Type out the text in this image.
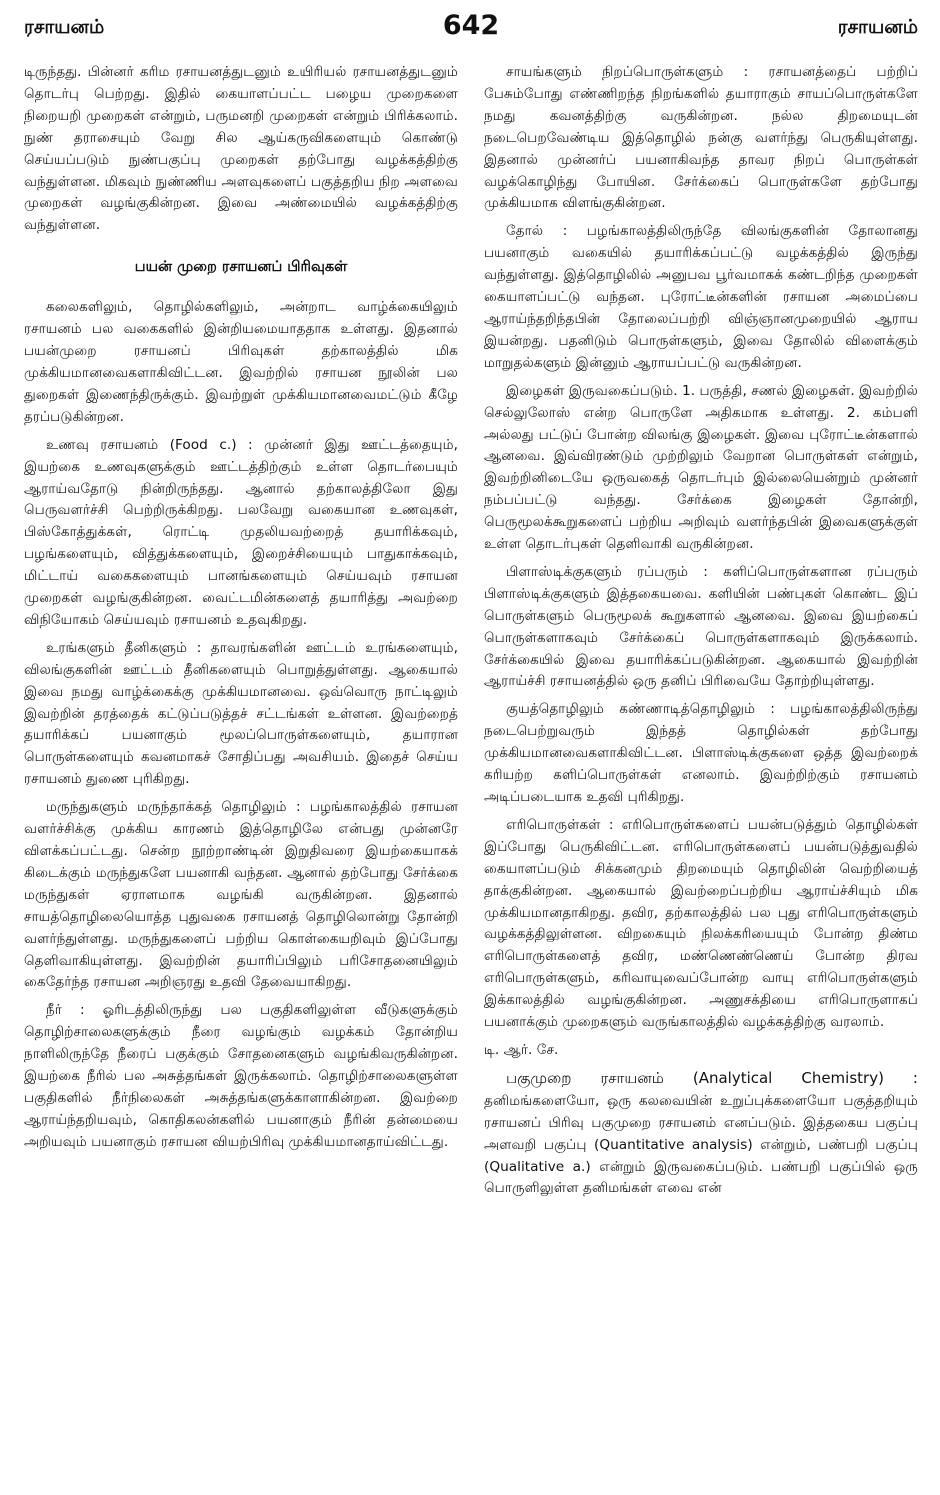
ரசாயனம்	642	ரசாயனம்

டிருந்தது. பின்னர் கரிம ரசாயனத்துடனும் உயிரியல் ரசாயனத்துடனும் தொடர்பு பெற்றது. இதில் கையாளப்பட்ட பழைய முறைகளை நிறையறி முறைகள் என்றும், பருமனறி முறைகள் என்றும் பிரிக்கலாம். நுண் தராசையும் வேறு சில ஆய்கருவிகளையும் கொண்டு செய்யப்படும் நுண்பகுப்பு முறைகள் தற்போது வழக்கத்திற்கு வந்துள்ளன. மிகவும் நுண்ணிய அளவுகளைப் பகுத்தறிய நிற அளவை முறைகள் வழங்குகின்றன. இவை அண்மையில் வழக்கத்திற்கு வந்துள்ளன.

பயன் முறை ரசாயனப் பிரிவுகள்

கலைகளிலும், தொழில்களிலும், அன்றாட வாழ்க்கையிலும் ரசாயனம் பல வகைகளில் இன்றியமையாததாக உள்ளது. இதனால் பயன்முறை ரசாயனப் பிரிவுகள் தற்காலத்தில் மிக முக்கியமானவைகளாகிவிட்டன. இவற்றில் ரசாயன நூலின் பல துறைகள் இணைந்திருக்கும். இவற்றுள் முக்கியமானவைமட்டும் கீழே தரப்படுகின்றன.

உணவு ரசாயனம் (Food c.) : முன்னர் இது ஊட்டத்தையும், இயற்கை உணவுகளுக்கும் ஊட்டத்திற்கும் உள்ள தொடர்பையும் ஆராய்வதோடு நின்றிருந்தது. ஆனால் தற்காலத்திலோ இது பெருவளர்ச்சி பெற்றிருக்கிறது. பலவேறு வகையான உணவுகள், பிஸ்கோத்துக்கள், ரொட்டி முதலியவற்றைத் தயாரிக்கவும், பழங்களையும், வித்துக்களையும், இறைச்சியையும் பாதுகாக்கவும், மிட்டாய் வகைகளையும் பானங்களையும் செய்யவும் ரசாயன முறைகள் வழங்குகின்றன. வைட்டமின்களைத் தயாரித்து அவற்றை விநியோகம் செய்யவும் ரசாயனம் உதவுகிறது.

உரங்களும் தீனிகளும் : தாவரங்களின் ஊட்டம் உரங்களையும், விலங்குகளின் ஊட்டம் தீனிகளையும் பொறுத்துள்ளது. ஆகையால் இவை நமது வாழ்க்கைக்கு முக்கியமானவை. ஒவ்வொரு நாட்டிலும் இவற்றின் தரத்தைக் கட்டுப்படுத்தச் சட்டங்கள் உள்ளன. இவற்றைத் தயாரிக்கப் பயனாகும் மூலப்பொருள்களையும், தயாரான பொருள்களையும் கவனமாகச் சோதிப்பது அவசியம். இதைச் செய்ய ரசாயனம் துணை புரிகிறது.

மருந்துகளும் மருந்தாக்கத் தொழிலும் : பழங்காலத்தில் ரசாயன வளர்ச்சிக்கு முக்கிய காரணம் இத்தொழிலே என்பது முன்னரே விளக்கப்பட்டது. சென்ற நூற்றாண்டின் இறுதிவரை இயற்கையாகக் கிடைக்கும் மருந்துகளே பயனாகி வந்தன. ஆனால் தற்போது சேர்க்கை மருந்துகள் ஏராளமாக வழங்கி வருகின்றன. இதனால் சாயத்தொழிலையொத்த புதுவகை ரசாயனத் தொழிலொன்று தோன்றி வளர்ந்துள்ளது. மருந்துகளைப் பற்றிய கொள்கையறிவும் இப்போது தெளிவாகியுள்ளது. இவற்றின் தயாரிப்பிலும் பரிசோதனையிலும் கைதேர்ந்த ரசாயன அறிஞரது உதவி தேவையாகிறது.

நீர் : ஓரிடத்திலிருந்து பல பகுதிகளிலுள்ள வீடுகளுக்கும் தொழிற்சாலைகளுக்கும் நீரை வழங்கும் வழக்கம் தோன்றிய நாளிலிருந்தே நீரைப் பகுக்கும் சோதனைகளும் வழங்கிவருகின்றன. இயற்கை நீரில் பல அசுத்தங்கள் இருக்கலாம். தொழிற்சாலைகளுள்ள பகுதிகளில் நீர்நிலைகள் அசுத்தங்களுக்காளாகின்றன. இவற்றை ஆராய்ந்தறியவும், கொதிகலன்களில் பயனாகும் நீரின் தன்மையை அறியவும் பயனாகும் ரசாயன வியற்பிரிவு முக்கியமானதாய்விட்டது.

சாயங்களும் நிறப்பொருள்களும் : ரசாயனத்தைப் பற்றிப் பேசும்போது எண்ணிறந்த நிறங்களில் தயாராகும் சாயப்பொருள்களே நமது கவனத்திற்கு வருகின்றன. நல்ல திறமையுடன் நடைபெறவேண்டிய இத்தொழில் நன்கு வளர்ந்து பெருகியுள்ளது. இதனால் முன்னர்ப் பயனாகிவந்த தாவர நிறப் பொருள்கள் வழக்கொழிந்து போயின. சேர்க்கைப் பொருள்களே தற்போது முக்கியமாக விளங்குகின்றன.

தோல் : பழங்காலத்திலிருந்தே விலங்குகளின் தோலானது பயனாகும் வகையில் தயாரிக்கப்பட்டு வழக்கத்தில் இருந்து வந்துள்ளது. இத்தொழிலில் அனுபவ பூர்வமாகக் கண்டறிந்த முறைகள் கையாளப்பட்டு வந்தன. புரோட்டீன்களின் ரசாயன அமைப்பை ஆராய்ந்தறிந்தபின் தோலைப்பற்றி விஞ்ஞானமுறையில் ஆராய இயன்றது. பதனிடும் பொருள்களும், இவை தோலில் விளைக்கும் மாறுதல்களும் இன்னும் ஆராயப்பட்டு வருகின்றன.

இழைகள் இருவகைப்படும். 1. பருத்தி, சணல் இழைகள். இவற்றில் செல்லுலோஸ் என்ற பொருளே அதிகமாக உள்ளது. 2. கம்பளி அல்லது பட்டுப் போன்ற விலங்கு இழைகள். இவை புரோட்டீன்களால் ஆனவை. இவ்விரண்டும் முற்றிலும் வேறான பொருள்கள் என்றும், இவற்றினிடையே ஒருவகைத் தொடர்பும் இல்லையென்றும் முன்னர் நம்பப்பட்டு வந்தது. சேர்க்கை இழைகள் தோன்றி, பெருமூலக்கூறுகளைப் பற்றிய அறிவும் வளர்ந்தபின் இவைகளுக்குள் உள்ள தொடர்புகள் தெளிவாகி வருகின்றன.

பிளாஸ்டிக்குகளும் ரப்பரும் : களிப்பொருள்களான ரப்பரும் பிளாஸ்டிக்குகளும் இத்தகையவை. களியின் பண்புகள் கொண்ட இப் பொருள்களும் பெருமூலக் கூறுகளால் ஆனவை. இவை இயற்கைப் பொருள்களாகவும் சேர்க்கைப் பொருள்களாகவும் இருக்கலாம். சேர்க்கையில் இவை தயாரிக்கப்படுகின்றன. ஆகையால் இவற்றின் ஆராய்ச்சி ரசாயனத்தில் ஒரு தனிப் பிரிவையே தோற்றியுள்ளது.

குயத்தொழிலும் கண்ணாடித்தொழிலும் : பழங்காலத்திலிருந்து நடைபெற்றுவரும் இந்தத் தொழில்கள் தற்போது முக்கியமானவைகளாகிவிட்டன. பிளாஸ்டிக்குகளை ஒத்த இவற்றைக் கரியற்ற களிப்பொருள்கள் எனலாம். இவற்றிற்கும் ரசாயனம் அடிப்படையாக உதவி புரிகிறது.

எரிபொருள்கள் : எரிபொருள்களைப் பயன்படுத்தும் தொழில்கள் இப்போது பெருகிவிட்டன. எரிபொருள்களைப் பயன்படுத்துவதில் கையாளப்படும் சிக்கனமும் திறமையும் தொழிலின் வெற்றியைத் தாக்குகின்றன. ஆகையால் இவற்றைப்பற்றிய ஆராய்ச்சியும் மிக முக்கியமானதாகிறது. தவிர, தற்காலத்தில் பல புது எரிபொருள்களும் வழக்கத்திலுள்ளன. விறகையும் நிலக்கரியையும் போன்ற திண்ம எரிபொருள்களைத் தவிர, மண்ணெண்ணெய் போன்ற திரவ எரிபொருள்களும், கரிவாயுவைப்போன்ற வாயு எரிபொருள்களும் இக்காலத்தில் வழங்குகின்றன. அணுசக்தியை எரிபொருளாகப் பயனாக்கும் முறைகளும் வருங்காலத்தில் வழக்கத்திற்கு வரலாம்.

டி. ஆர். சே.

பகுமுறை ரசாயனம் (Analytical Chemistry) : தனிமங்களையோ, ஒரு கலவையின் உறுப்புக்களையோ பகுத்தறியும் ரசாயனப் பிரிவு பகுமுறை ரசாயனம் எனப்படும். இத்தகைய பகுப்பு அளவறி பகுப்பு (Quantitative analysis) என்றும், பண்பறி பகுப்பு (Qualitative a.) என்றும் இருவகைப்படும். பண்பறி பகுப்பில் ஒரு பொருளிலுள்ள தனிமங்கள் எவை என்
